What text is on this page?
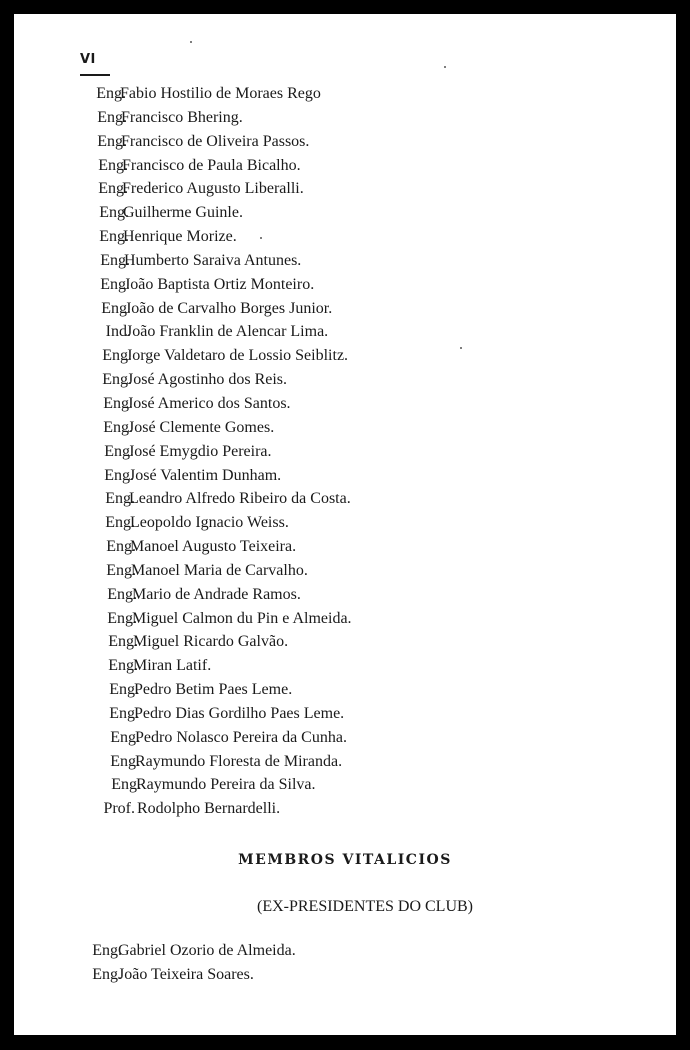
VI
Eng.
Fabio Hostilio de Moraes Rego
Eng.
Francisco Bhering.
Eng.
Francisco de Oliveira Passos.
Eng.
Francisco de Paula Bicalho.
Eng.
Frederico Augusto Liberalli.
Eng.
Guilherme Guinle.
Eng.
Henrique Morize.
Eng.
Humberto Saraiva Antunes.
Eng.
João Baptista Ortiz Monteiro.
Eng.
João de Carvalho Borges Junior.
Ind.
João Franklin de Alencar Lima.
Eng.
Jorge Valdetaro de Lossio Seiblitz.
Eng.
José Agostinho dos Reis.
Eng.
José Americo dos Santos.
Eng.
José Clemente Gomes.
Eng.
José Emygdio Pereira.
Eng.
José Valentim Dunham.
Eng.
Leandro Alfredo Ribeiro da Costa.
Eng.
Leopoldo Ignacio Weiss.
Eng.
Manoel Augusto Teixeira.
Eng.
Manoel Maria de Carvalho.
Eng.
Mario de Andrade Ramos.
Eng.
Miguel Calmon du Pin e Almeida.
Eng.
Miguel Ricardo Galvão.
Eng.
Miran Latif.
Eng.
Pedro Betim Paes Leme.
Eng.
Pedro Dias Gordilho Paes Leme.
Eng.
Pedro Nolasco Pereira da Cunha.
Eng.
Raymundo Floresta de Miranda.
Eng.
Raymundo Pereira da Silva.
Prof. Rodolpho Bernardelli.
MEMBROS VITALICIOS
(EX-PRESIDENTES DO CLUB)
Eng.
Gabriel Ozorio de Almeida.
Eng.
João Teixeira Soares.
